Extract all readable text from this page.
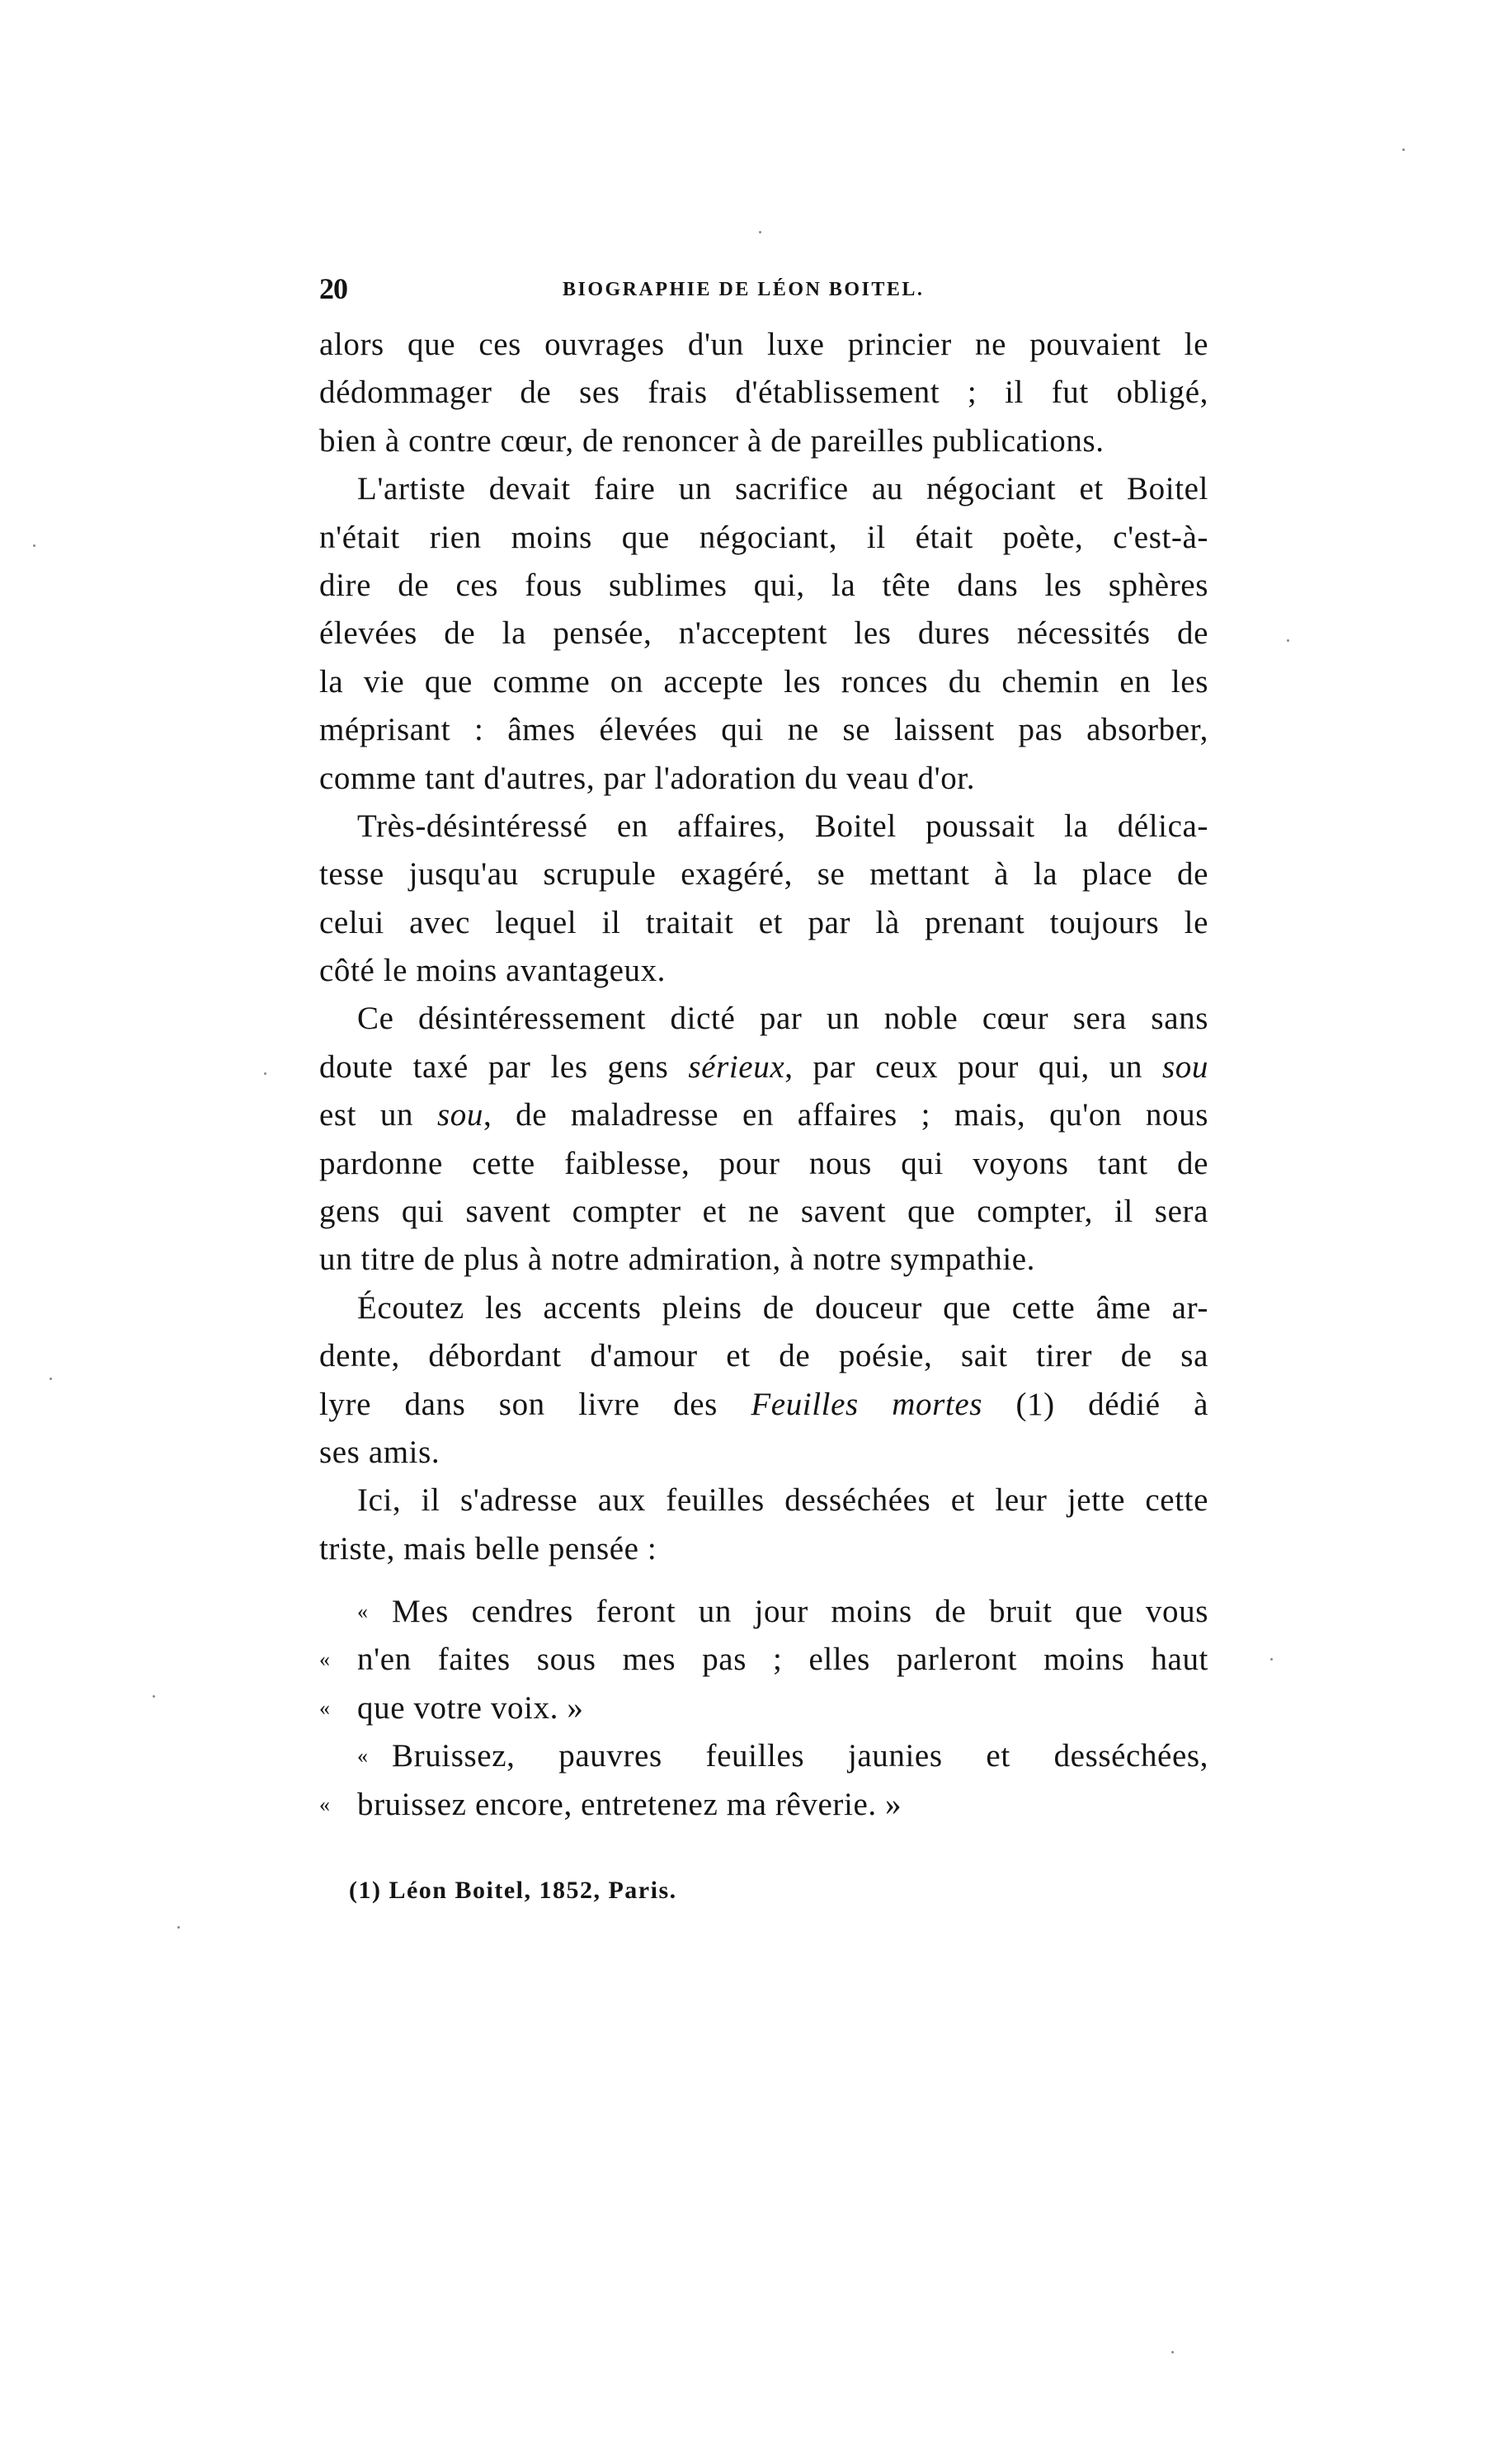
20	BIOGRAPHIE DE LÉON BOITEL.
alors que ces ouvrages d'un luxe princier ne pouvaient le
dédommager de ses frais d'établissement ; il fut obligé,
bien à contre cœur, de renoncer à de pareilles publications.
L'artiste devait faire un sacrifice au négociant et Boitel
n'était rien moins que négociant, il était poète, c'est-à-
dire de ces fous sublimes qui, la tête dans les sphères
élevées de la pensée, n'acceptent les dures nécessités de
la vie que comme on accepte les ronces du chemin en les
méprisant : âmes élevées qui ne se laissent pas absorber,
comme tant d'autres, par l'adoration du veau d'or.
Très-désintéressé en affaires, Boitel poussait la délica-
tesse jusqu'au scrupule exagéré, se mettant à la place de
celui avec lequel il traitait et par là prenant toujours le
côté le moins avantageux.
Ce désintéressement dicté par un noble cœur sera sans
doute taxé par les gens sérieux, par ceux pour qui, un sou
est un sou, de maladresse en affaires ; mais, qu'on nous
pardonne cette faiblesse, pour nous qui voyons tant de
gens qui savent compter et ne savent que compter, il sera
un titre de plus à notre admiration, à notre sympathie.
Écoutez les accents pleins de douceur que cette âme ar-
dente, débordant d'amour et de poésie, sait tirer de sa
lyre dans son livre des Feuilles mortes (1) dédié à
ses amis.
Ici, il s'adresse aux feuilles desséchées et leur jette cette
triste, mais belle pensée :
« Mes cendres feront un jour moins de bruit que vous
« n'en faites sous mes pas ; elles parleront moins haut
« que votre voix. »
« Bruissez, pauvres feuilles jaunies et desséchées,
« bruissez encore, entretenez ma rêverie. »
(1) Léon Boitel, 1852, Paris.
